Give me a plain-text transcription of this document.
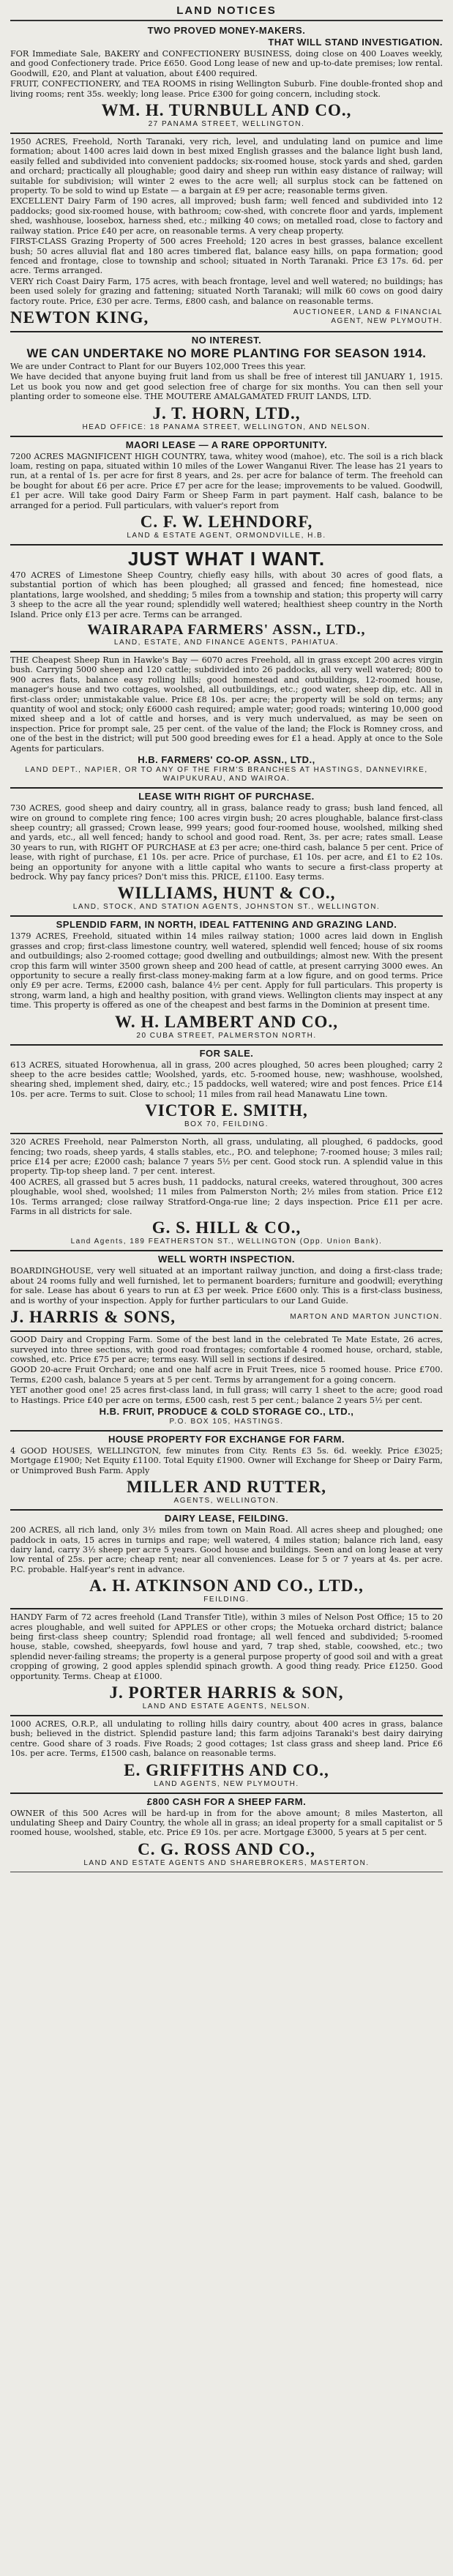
LAND NOTICES
TWO PROVED MONEY-MAKERS.
THAT WILL STAND INVESTIGATION.
FOR Immediate Sale, BAKERY and CONFECTIONERY BUSINESS, doing close on 400 Loaves weekly, and good Confectionery trade. Price £650. Good Long lease of new and up-to-date premises; low rental. Goodwill, £20, and Plant at valuation, about £400 required.
FRUIT, CONFECTIONERY, and TEA ROOMS in rising Wellington Suburb. Fine double-fronted shop and living rooms; rent 35s. weekly; long lease. Price £300 for going concern, including stock.
WM. H. TURNBULL AND CO.,
27 PANAMA STREET, WELLINGTON.
1950 ACRES, Freehold, North Taranaki, very rich, level, and undulating land on pumice and lime formation; about 1400 acres laid down in best mixed English grasses and the balance light bush land, easily felled and subdivided into convenient paddocks; six-roomed house, stock yards and shed, garden and orchard; practically all ploughable; good dairy and sheep run within easy distance of railway; will suitable for subdivision; will winter 2 ewes to the acre well; all surplus stock can be fattened on property. To be sold to wind up Estate — a bargain at £9 per acre; reasonable terms given.
EXCELLENT Dairy Farm of 190 acres, all improved; bush farm; well fenced and subdivided into 12 paddocks; good six-roomed house, with bathroom; cow-shed, with concrete floor and yards, implement shed, washhouse, loosebox, harness shed, etc.; milking 40 cows; on metalled road, close to factory and railway station. Price £40 per acre, on reasonable terms. A very cheap property.
FIRST-CLASS Grazing Property of 500 acres Freehold; 120 acres in best grasses, balance excellent bush; 50 acres alluvial flat and 180 acres timbered flat, balance easy hills, on papa formation; good fenced and frontage, close to township and school; situated in North Taranaki. Price £3 17s. 6d. per acre. Terms arranged.
VERY rich Coast Dairy Farm, 175 acres, with beach frontage, level and well watered; no buildings; has been used solely for grazing and fattening; situated North Taranaki; will milk 60 cows on good dairy factory route. Price, £30 per acre. Terms, £800 cash, and balance on reasonable terms.
NEWTON KING,	AUCTIONEER, LAND & FINANCIAL AGENT, NEW PLYMOUTH.
NO INTEREST.
WE CAN UNDERTAKE NO MORE PLANTING FOR SEASON 1914.
We are under Contract to Plant for our Buyers 102,000 Trees this year.
We have decided that anyone buying fruit land from us shall be free of interest till JANUARY 1, 1915. Let us book you now and get good selection free of charge for six months. You can then sell your planting order to someone else. THE MOUTERE AMALGAMATED FRUIT LANDS, LTD.
J. T. HORN, LTD.,
HEAD OFFICE: 18 PANAMA STREET, WELLINGTON, AND NELSON.
MAORI LEASE — A RARE OPPORTUNITY.
7200 ACRES MAGNIFICENT HIGH COUNTRY, tawa, whitey wood (mahoe), etc. The soil is a rich black loam, resting on papa, situated within 10 miles of the Lower Wanganui River. The lease has 21 years to run, at a rental of 1s. per acre for first 8 years, and 2s. per acre for balance of term. The freehold can be bought for about £6 per acre. Price £7 per acre for the lease; improvements to be valued. Goodwill, £1 per acre. Will take good Dairy Farm or Sheep Farm in part payment. Half cash, balance to be arranged for a period. Full particulars, with valuer's report from
C. F. W. LEHNDORF,
LAND & ESTATE AGENT, ORMONDVILLE, H.B.
JUST WHAT I WANT.
470 ACRES of Limestone Sheep Country, chiefly easy hills, with about 30 acres of good flats, a substantial portion of which has been ploughed; all grassed and fenced; fine homestead, nice plantations, large woolshed, and shedding; 5 miles from a township and station; this property will carry 3 sheep to the acre all the year round; splendidly well watered; healthiest sheep country in the North Island. Price only £13 per acre. Terms can be arranged.
WAIRARAPA FARMERS' ASSN., LTD.,
LAND, ESTATE, AND FINANCE AGENTS, PAHIATUA.
THE Cheapest Sheep Run in Hawke's Bay — 6070 acres Freehold, all in grass except 200 acres virgin bush. Carrying 5000 sheep and 120 cattle; subdivided into 26 paddocks, all very well watered; 800 to 900 acres flats, balance easy rolling hills; good homestead and outbuildings, 12-roomed house, manager's house and two cottages, woolshed, all outbuildings, etc.; good water, sheep dip, etc. All in first-class order; unmistakable value. Price £8 10s. per acre; the property will be sold on terms; any quantity of wool and stock; only £6000 cash required; ample water; good roads; wintering 10,000 good mixed sheep and a lot of cattle and horses, and is very much undervalued, as may be seen on inspection. Price for prompt sale, 25 per cent. of the value of the land; the Flock is Romney cross, and one of the best in the district; will put 500 good breeding ewes for £1 a head. Apply at once to the Sole Agents for particulars.
H.B. FARMERS' CO-OP. ASSN., LTD.,
LAND DEPT., NAPIER, OR TO ANY OF THE FIRM'S BRANCHES AT HASTINGS, DANNEVIRKE, WAIPUKURAU, AND WAIROA.
LEASE WITH RIGHT OF PURCHASE.
730 ACRES, good sheep and dairy country, all in grass, balance ready to grass; bush land fenced, all wire on ground to complete ring fence; 100 acres virgin bush; 20 acres ploughable, balance first-class sheep country; all grassed; Crown lease, 999 years; good four-roomed house, woolshed, milking shed and yards, etc., all well fenced; handy to school and good road. Rent, 3s. per acre; rates small. Lease 30 years to run, with RIGHT OF PURCHASE at £3 per acre; one-third cash, balance 5 per cent. Price of lease, with right of purchase, £1 10s. per acre. Price of purchase, £1 10s. per acre, and £1 to £2 10s. being an opportunity for anyone with a little capital who wants to secure a first-class property at bedrock. Why pay fancy prices? Don't miss this. PRICE, £1100. Easy terms.
WILLIAMS, HUNT & CO.,
LAND, STOCK, AND STATION AGENTS, JOHNSTON ST., WELLINGTON.
SPLENDID FARM, IN NORTH, IDEAL FATTENING AND GRAZING LAND.
1379 ACRES, Freehold, situated within 14 miles railway station; 1000 acres laid down in English grasses and crop; first-class limestone country, well watered, splendid well fenced; house of six rooms and outbuildings; also 2-roomed cottage; good dwelling and outbuildings; almost new. With the present crop this farm will winter 3500 grown sheep and 200 head of cattle, at present carrying 3000 ewes. An opportunity to secure a really first-class money-making farm at a low figure, and on good terms. Price only £9 per acre. Terms, £2000 cash, balance 4½ per cent. Apply for full particulars. This property is strong, warm land, a high and healthy position, with grand views. Wellington clients may inspect at any time. This property is offered as one of the cheapest and best farms in the Dominion at present time.
W. H. LAMBERT AND CO.,
20 CUBA STREET, PALMERSTON NORTH.
FOR SALE.
613 ACRES, situated Horowhenua, all in grass, 200 acres ploughed, 50 acres been ploughed; carry 2 sheep to the acre besides cattle; Woolshed, yards, etc. 5-roomed house, new; washhouse, woolshed, shearing shed, implement shed, dairy, etc.; 15 paddocks, well watered; wire and post fences. Price £14 10s. per acre. Terms to suit. Close to school; 11 miles from rail head Manawatu Line town.
VICTOR E. SMITH,
BOX 70, FEILDING.
320 ACRES Freehold, near Palmerston North, all grass, undulating, all ploughed, 6 paddocks, good fencing; two roads, sheep yards, 4 stalls stables, etc., P.O. and telephone; 7-roomed house; 3 miles rail; price £14 per acre; £2000 cash; balance 7 years 5½ per cent. Good stock run. A splendid value in this property. Tip-top sheep land. 7 per cent. interest.
400 ACRES, all grassed but 5 acres bush, 11 paddocks, natural creeks, watered throughout, 300 acres ploughable, wool shed, woolshed; 11 miles from Palmerston North; 2½ miles from station. Price £12 10s. Terms arranged; close railway Stratford-Onga-rue line; 2 days inspection. Price £11 per acre. Farms in all districts for sale.
G. S. HILL & CO.,
Land Agents, 189 FEATHERSTON ST., WELLINGTON (Opp. Union Bank).
WELL WORTH INSPECTION.
BOARDINGHOUSE, very well situated at an important railway junction, and doing a first-class trade; about 24 rooms fully and well furnished, let to permanent boarders; furniture and goodwill; everything for sale. Lease has about 6 years to run at £3 per week. Price £600 only. This is a first-class business, and is worthy of your inspection. Apply for further particulars to our Land Guide.
J. HARRIS & SONS,	MARTON AND MARTON JUNCTION.
GOOD Dairy and Cropping Farm. Some of the best land in the celebrated Te Mate Estate, 26 acres, surveyed into three sections, with good road frontages; comfortable 4 roomed house, orchard, stable, cowshed, etc. Price £75 per acre; terms easy. Will sell in sections if desired.
GOOD 20-acre Fruit Orchard; one and one half acre in Fruit Trees, nice 5 roomed house. Price £700. Terms, £200 cash, balance 5 years at 5 per cent. Terms by arrangement for a going concern.
YET another good one! 25 acres first-class land, in full grass; will carry 1 sheet to the acre; good road to Hastings. Price £40 per acre on terms, £500 cash, rest 5 per cent.; balance 2 years 5½ per cent.
H.B. FRUIT, PRODUCE & COLD STORAGE CO., LTD.,
P.O. BOX 105, HASTINGS.
HOUSE PROPERTY FOR EXCHANGE FOR FARM.
4 GOOD HOUSES, WELLINGTON, few minutes from City. Rents £3 5s. 6d. weekly. Price £3025; Mortgage £1900; Net Equity £1100. Total Equity £1900. Owner will Exchange for Sheep or Dairy Farm, or Unimproved Bush Farm. Apply
MILLER AND RUTTER,
AGENTS, WELLINGTON.
DAIRY LEASE, FEILDING.
200 ACRES, all rich land, only 3½ miles from town on Main Road. All acres sheep and ploughed; one paddock in oats, 15 acres in turnips and rape; well watered, 4 miles station; balance rich land, easy dairy land, carry 3½ sheep per acre 5 years. Good house and buildings. Seen and on long lease at very low rental of 25s. per acre; cheap rent; near all conveniences. Lease for 5 or 7 years at 4s. per acre. P.C. probable. Half-year's rent in advance.
A. H. ATKINSON AND CO., LTD.,
FEILDING.
HANDY Farm of 72 acres freehold (Land Transfer Title), within 3 miles of Nelson Post Office; 15 to 20 acres ploughable, and well suited for APPLES or other crops; the Motueka orchard district; balance being first-class sheep country; Splendid road frontage; all well fenced and subdivided; 5-roomed house, stable, cowshed, sheepyards, fowl house and yard, 7 trap shed, stable, coowshed, etc.; two splendid never-failing streams; the property is a general purpose property of good soil and with a great cropping of growing, 2 good apples splendid spinach growth. A good thing ready. Price £1250. Good opportunity. Terms. Cheap at £1000.
J. PORTER HARRIS & SON,
LAND AND ESTATE AGENTS, NELSON.
1000 ACRES, O.R.P., all undulating to rolling hills dairy country, about 400 acres in grass, balance bush; believed in the district. Splendid pasture land; this farm adjoins Taranaki's best dairy dairying centre. Good share of 3 roads. Five Roads; 2 good cottages; 1st class grass and sheep land. Price £6 10s. per acre. Terms, £1500 cash, balance on reasonable terms.
E. GRIFFITHS AND CO.,
LAND AGENTS, NEW PLYMOUTH.
£800 CASH FOR A SHEEP FARM.
OWNER of this 500 Acres will be hard-up in from for the above amount; 8 miles Masterton, all undulating Sheep and Dairy Country, the whole all in grass; an ideal property for a small capitalist or 5 roomed house, woolshed, stable, etc. Price £9 10s. per acre. Mortgage £3000, 5 years at 5 per cent.
C. G. ROSS AND CO.,
LAND AND ESTATE AGENTS AND SHAREBROKERS, MASTERTON.
